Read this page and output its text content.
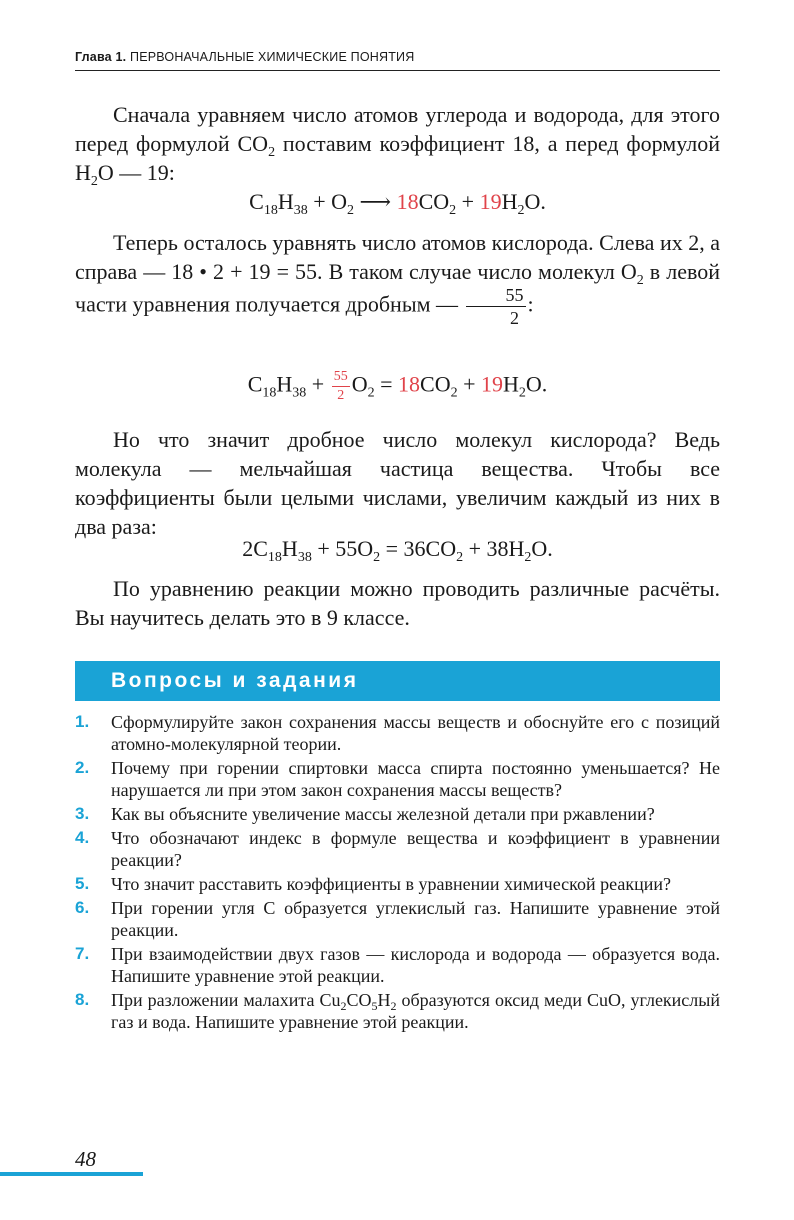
Глава 1. ПЕРВОНАЧАЛЬНЫЕ ХИМИЧЕСКИЕ ПОНЯТИЯ

Сначала уравняем число атомов углерода и водорода, для этого перед формулой $CO_2$ поставим коэффициент 18, а перед формулой $H_2O$ — 19:

$C_{18}H_{38} + O_2$ ⟶ $18CO_2 + 19H_2O$.

Теперь осталось уравнять число атомов кислорода. Слева их 2, а справа — 18 • 2 + 19 = 55. В таком случае число молекул $O_2$ в левой части уравнения получается дробным — $\frac{55}{2}$ :

$C_{18}H_{38} + \frac{55}{2} O_2 = 18CO_2 + 19H_2O$.

Но что значит дробное число молекул кислорода? Ведь молекула — мельчайшая частица вещества. Чтобы все коэффициенты были целыми числами, увеличим каждый из них в два раза:

$2C_{18}H_{38} + 55O_2 = 36CO_2 + 38H_2O$.

По уравнению реакции можно проводить различные расчёты. Вы научитесь делать это в 9 классе.

Вопросы и задания
1. Сформулируйте закон сохранения массы веществ и обоснуйте его с позиций атомно-молекулярной теории.
2. Почему при горении спиртовки масса спирта постоянно уменьшается? Не нарушается ли при этом закон сохранения массы веществ?
3. Как вы объясните увеличение массы железной детали при ржавлении?
4. Что обозначают индекс в формуле вещества и коэффициент в уравнении реакции?
5. Что значит расставить коэффициенты в уравнении химической реакции?
6. При горении угля C образуется углекислый газ. Напишите уравнение этой реакции.
7. При взаимодействии двух газов — кислорода и водорода — образуется вода. Напишите уравнение этой реакции.
8. При разложении малахита $Cu_2CO_5H_2$ образуются оксид меди CuO, углекислый газ и вода. Напишите уравнение этой реакции.
48
